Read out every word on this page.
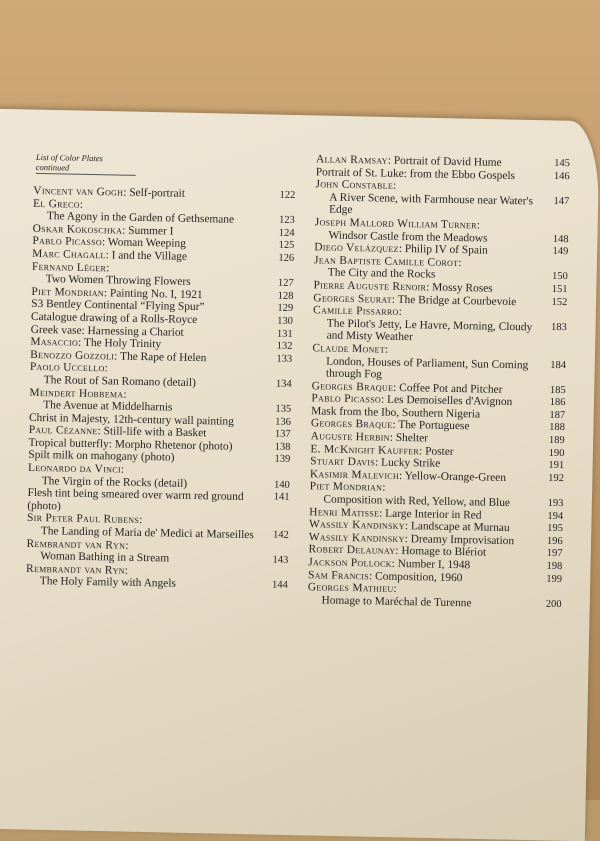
List of Color Plates continued
Vincent van Gogh: Self-portrait	122
El Greco:
The Agony in the Garden of Gethsemane	123
Oskar Kokoschka: Summer I	124
Pablo Picasso: Woman Weeping	125
Marc Chagall: I and the Village	126
Fernand Léger:
Two Women Throwing Flowers	127
Piet Mondrian: Painting No. I, 1921	128
S3 Bentley Continental “Flying Spur”	129
Catalogue drawing of a Rolls-Royce	130
Greek vase: Harnessing a Chariot	131
Masaccio: The Holy Trinity	132
Benozzo Gozzoli: The Rape of Helen	133
Paolo Uccello:
The Rout of San Romano (detail)	134
Meindert Hobbema:
The Avenue at Middelharnis	135
Christ in Majesty, 12th-century wall painting	136
Paul Cézanne: Still-life with a Basket	137
Tropical butterfly: Morpho Rhetenor (photo)	138
Spilt milk on mahogany (photo)	139
Leonardo da Vinci:
The Virgin of the Rocks (detail)	140
Flesh tint being smeared over warm red ground (photo)
141
Sir Peter Paul Rubens:
The Landing of Maria de' Medici at Marseilles	142
Rembrandt van Ryn:
Woman Bathing in a Stream	143
Rembrandt van Ryn:
The Holy Family with Angels	144
Allan Ramsay: Portrait of David Hume	145
Portrait of St. Luke: from the Ebbo Gospels	146
John Constable:
A River Scene, with Farmhouse near Water's Edge
147
Joseph Mallord William Turner:
Windsor Castle from the Meadows	148
Diego Velázquez: Philip IV of Spain	149
Jean Baptiste Camille Corot:
The City and the Rocks	150
Pierre Auguste Renoir: Mossy Roses	151
Georges Seurat: The Bridge at Courbevoie	152
Camille Pissarro:
The Pilot's Jetty, Le Havre, Morning, Cloudy and Misty Weather
183
Claude Monet:
London, Houses of Parliament, Sun Coming through Fog
184
Georges Braque: Coffee Pot and Pitcher	185
Pablo Picasso: Les Demoiselles d'Avignon	186
Mask from the Ibo, Southern Nigeria	187
Georges Braque: The Portuguese	188
Auguste Herbin: Shelter	189
E. McKnight Kauffer: Poster	190
Stuart Davis: Lucky Strike	191
Kasimir Malevich: Yellow-Orange-Green	192
Piet Mondrian:
Composition with Red, Yellow, and Blue	193
Henri Matisse: Large Interior in Red	194
Wassily Kandinsky: Landscape at Murnau	195
Wassily Kandinsky: Dreamy Improvisation	196
Robert Delaunay: Homage to Blériot	197
Jackson Pollock: Number I, 1948	198
Sam Francis: Composition, 1960	199
Georges Mathieu:
Homage to Maréchal de Turenne	200
